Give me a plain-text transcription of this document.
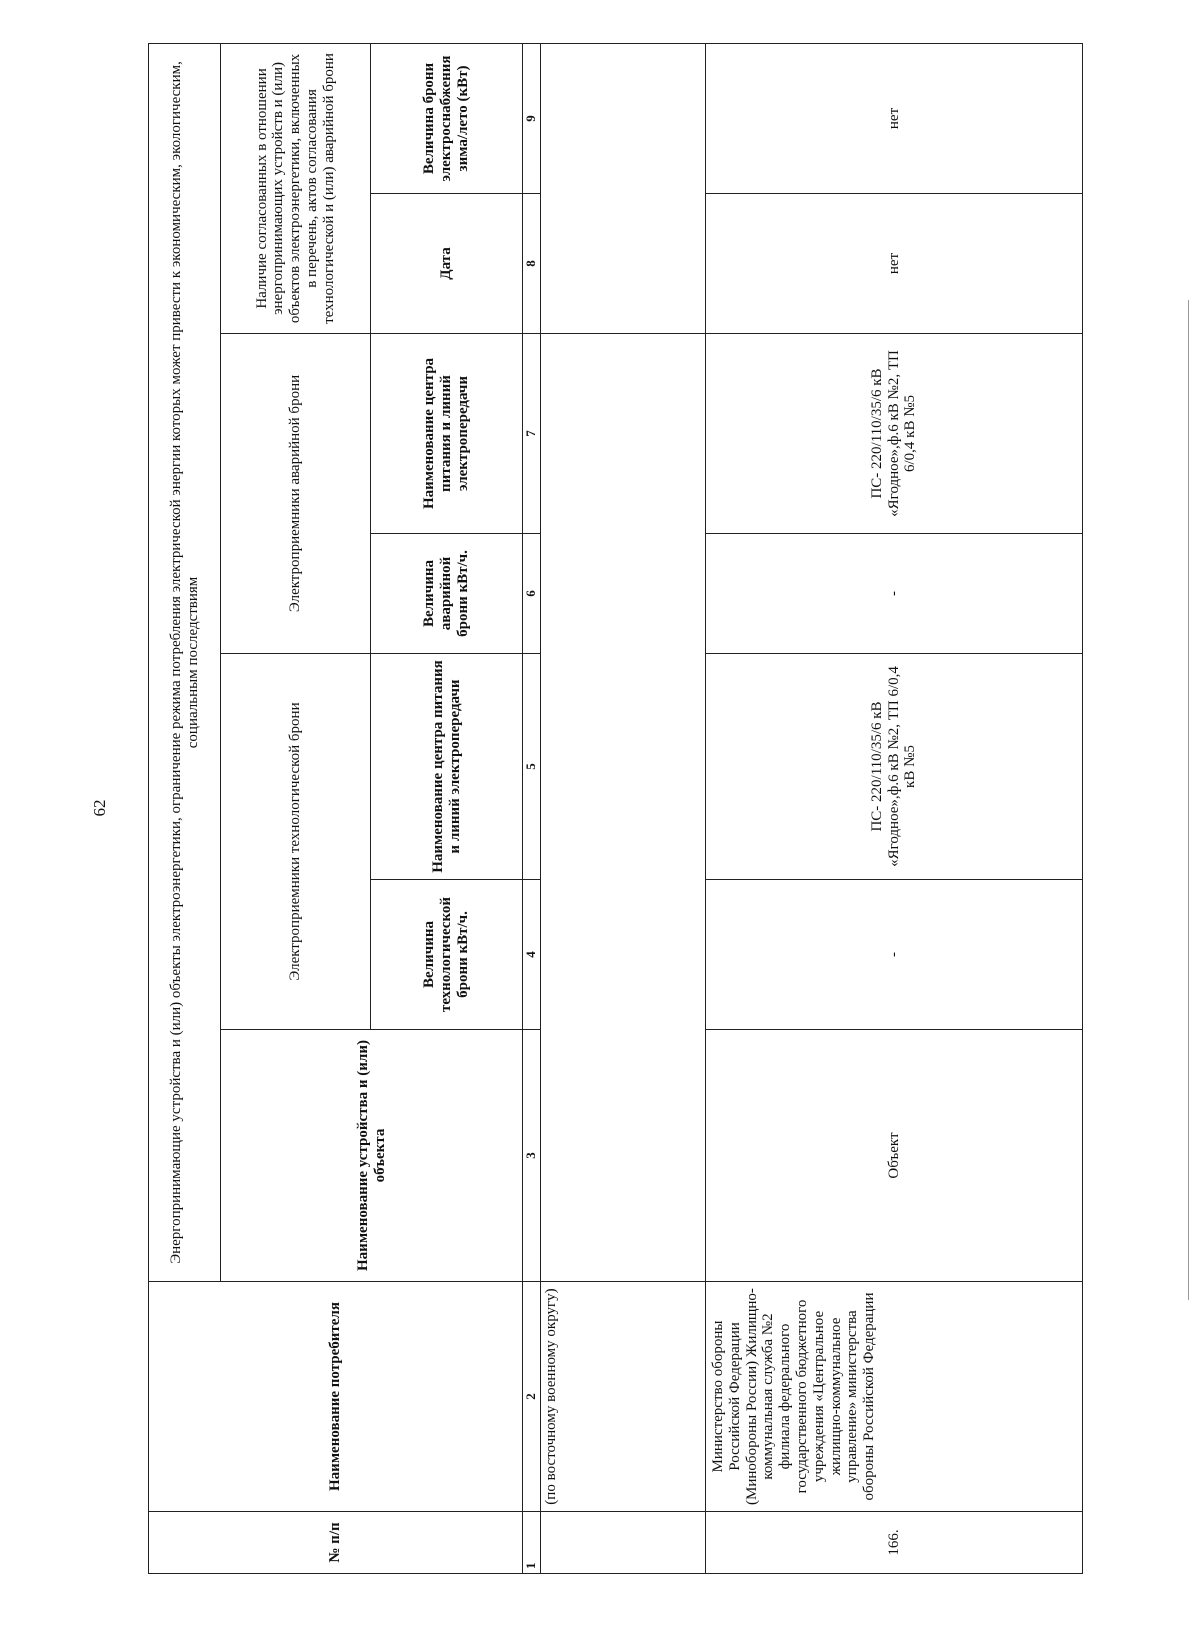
62
№ п/п	Наименование потребителя	Энергопринимающие устройства и (или) объекты электроэнергетики, ограничение режима потребления электрической энергии которых может привести к экономическим, экологическим, социальным последствиям						
		Наименование устройства и (или) объекта	Электроприемники технологической брони		Электроприемники аварийной брони		Наличие согласованных в отношении энергопринимающих устройств и (или) объектов электроэнергетики, включенных в перечень, актов согласования технологической и (или) аварийной брони	
			Величина технологической брони кВт/ч.	Наименование центра питания и линий электропередачи	Величина аварийной брони кВт/ч.	Наименование центра питания и линий электропередачи	Дата	Величина брони электроснабжения зима/лето (кВт)
1	2	3	4	5	6	7	8	9
	(по восточному военному округу)							
166.	Министерство обороны Российской Федерации (Минобороны России) Жилищно-коммунальная служба №2 филиала федерального государственного бюджетного учреждения «Центральное жилищно-коммунальное управление» министерства обороны Российской Федерации	Объект	-	ПС- 220/110/35/6 кВ «Ягодное»,ф.6 кВ №2, ТП 6/0,4 кВ №5	-	ПС- 220/110/35/6 кВ «Ягодное»,ф.6 кВ №2, ТП 6/0,4 кВ №5	нет	нет
